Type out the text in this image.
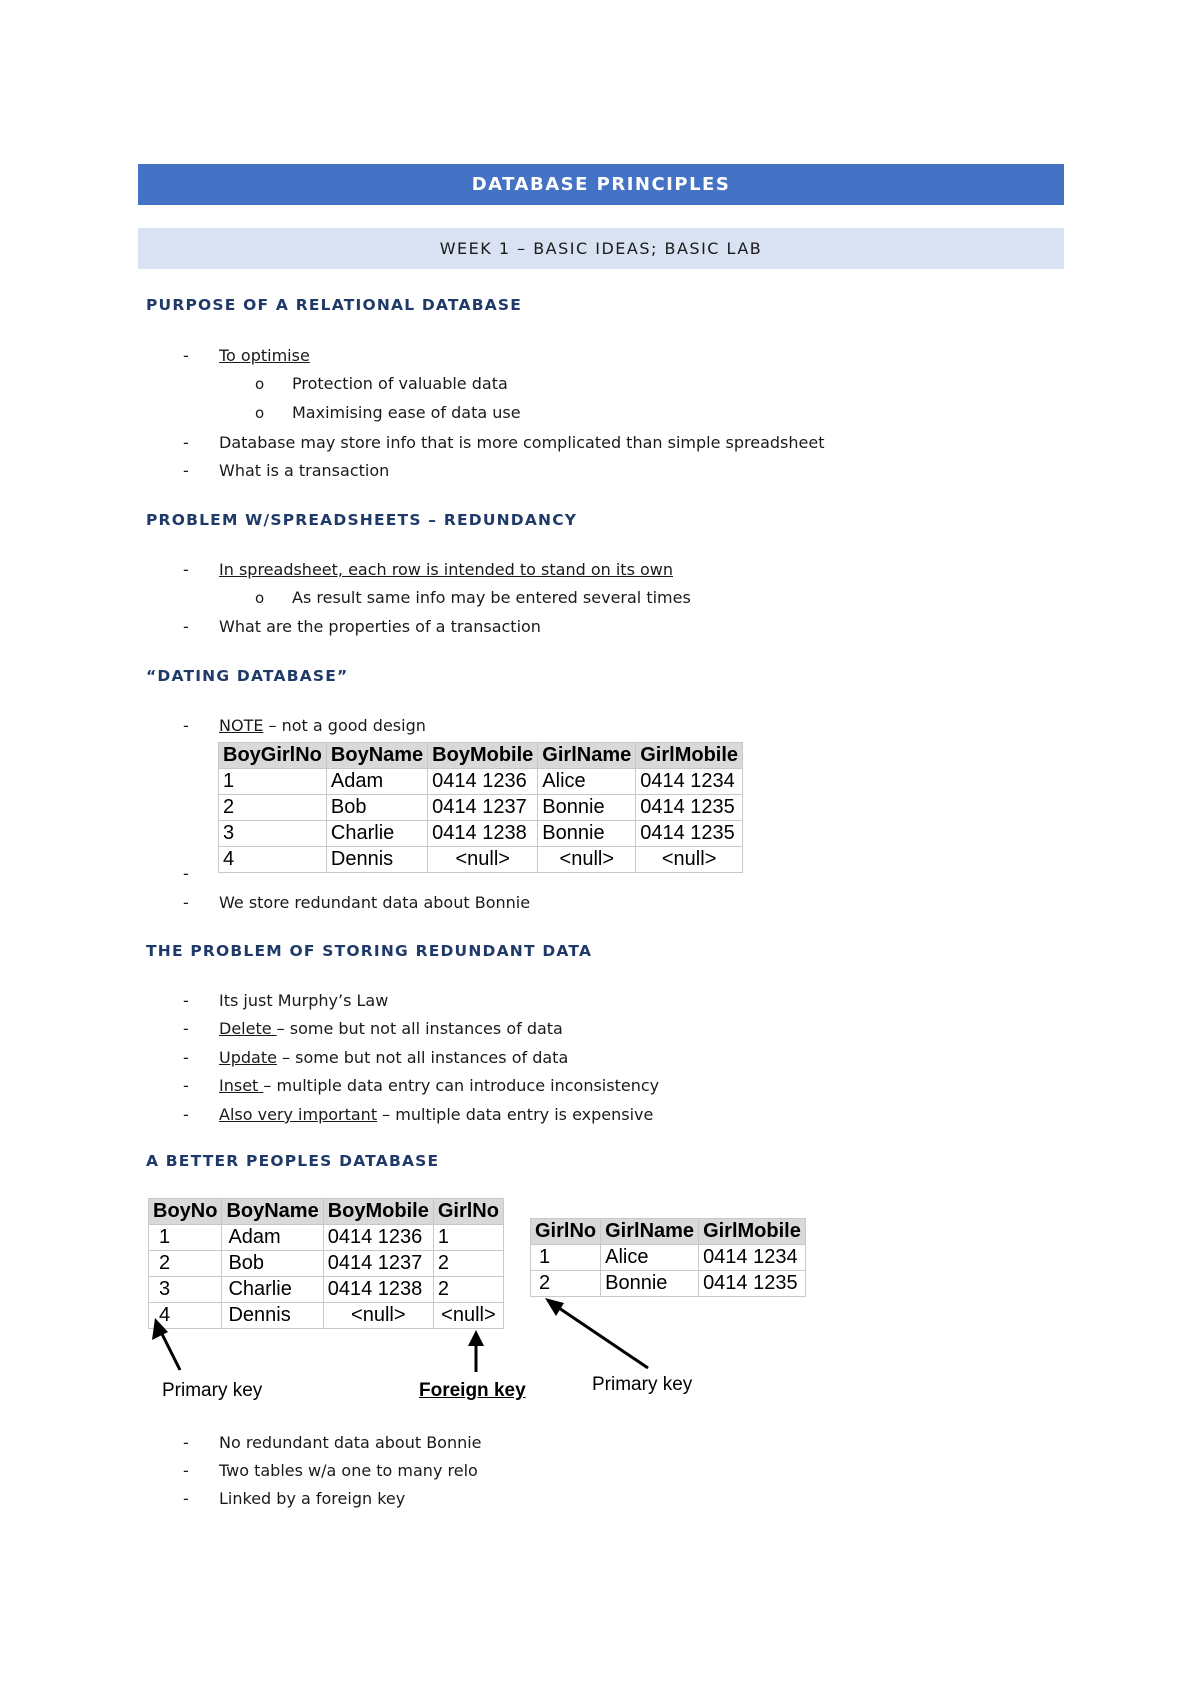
DATABASE PRINCIPLES
WEEK 1 – BASIC IDEAS; BASIC LAB
PURPOSE OF A RELATIONAL DATABASE
- To optimise
o Protection of valuable data
o Maximising ease of data use
- Database may store info that is more complicated than simple spreadsheet
- What is a transaction
PROBLEM W/SPREADSHEETS – REDUNDANCY
- In spreadsheet, each row is intended to stand on its own
o As result same info may be entered several times
- What are the properties of a transaction
“DATING DATABASE”
- NOTE – not a good design
BoyGirlNo	BoyName	BoyMobile	GirlName	GirlMobile
1	Adam	0414 1236	Alice	0414 1234
2	Bob	0414 1237	Bonnie	0414 1235
3	Charlie	0414 1238	Bonnie	0414 1235
4	Dennis	<null>	<null>	<null>
-
- We store redundant data about Bonnie
THE PROBLEM OF STORING REDUNDANT DATA
- Its just Murphy’s Law
- Delete – some but not all instances of data
- Update – some but not all instances of data
- Inset – multiple data entry can introduce inconsistency
- Also very important – multiple data entry is expensive
A BETTER PEOPLES DATABASE
BoyNo	BoyName	BoyMobile	GirlNo
1	Adam	0414 1236	1
2	Bob	0414 1237	2
3	Charlie	0414 1238	2
4	Dennis	<null>	<null>
GirlNo	GirlName	GirlMobile
1	Alice	0414 1234
2	Bonnie	0414 1235
Primary key	Foreign key	Primary key
- No redundant data about Bonnie
- Two tables w/a one to many relo
- Linked by a foreign key
